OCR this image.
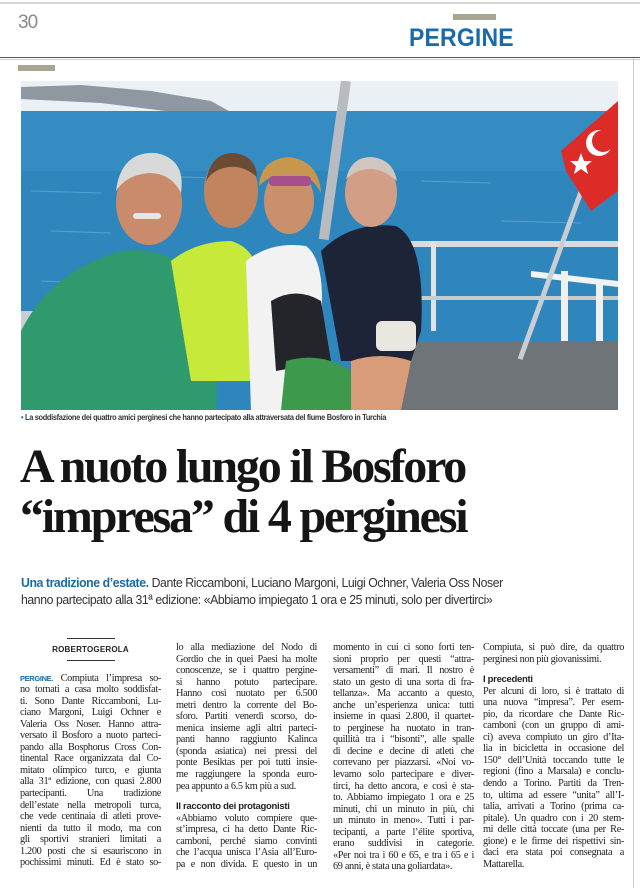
30
PERGINE
• La soddisfazione dei quattro amici perginesi che hanno partecipato alla attraversata del fiume Bosforo in Turchia
A nuoto lungo il Bosforo
“impresa” di 4 perginesi
Una tradizione d’estate. Dante Riccamboni, Luciano Margoni, Luigi Ochner, Valeria Oss Noser
hanno partecipato alla 31ª edizione: «Abbiamo impiegato 1 ora e 25 minuti, solo per divertirci»
ROBERTOGEROLA
PERGINE. Compiuta l’impresa so-
no tornati a casa molto soddisfat-
ti. Sono Dante Riccamboni, Lu-
ciano Margoni, Luigi Ochner e
Valeria Oss Noser. Hanno attra-
versato il Bosforo a nuoto parteci-
pando alla Bosphorus Cross Con-
tinental Race organizzata dal Co-
mitato olimpico turco, e giunta
alla 31ª edizione, con quasi 2.800
partecipanti. Una tradizione
dell’estate nella metropoli turca,
che vede centinaia di atleti prove-
nienti da tutto il modo, ma con
gli sportivi stranieri limitati a
1.200 posti che si esauriscono in
pochissimi minuti. Ed è stato so-
lo alla mediazione del Nodo di
Gordio che in quei Paesi ha molte
conoscenze, se i quattro pergine-
si hanno potuto partecipare.
Hanno così nuotato per 6.500
metri dentro la corrente del Bo-
sforo. Partiti venerdì scorso, do-
menica insieme agli altri parteci-
panti hanno raggiunto Kalinca
(sponda asiatica) nei pressi del
ponte Besiktas per poi tutti insie-
me raggiungere la sponda euro-
pea appunto a 6.5 km più a sud.
Il racconto dei protagonisti
«Abbiamo voluto compiere que-
st’impresa, ci ha detto Dante Ric-
camboni, perché siamo convinti
che l’acqua unisca l’Asia all’Euro-
pa e non divida. E questo in un
momento in cui ci sono forti ten-
sioni proprio per questi “attra-
versamenti” di mari. Il nostro è
stato un gesto di una sorta di fra-
tellanza». Ma accanto a questo,
anche un’esperienza unica: tutti
insieme in quasi 2.800, il quartet-
to perginese ha nuotato in tran-
quillità tra i “bisonti”, alle spalle
di decine e decine di atleti che
correvano per piazzarsi. «Noi vo-
levamo solo partecipare e diver-
tirci, ha detto ancora, e così è sta-
to. Abbiamo impiegato 1 ora e 25
minuti, chi un minuto in più, chi
un minuto in meno». Tutti i par-
tecipanti, a parte l’élite sportiva,
erano suddivisi in categorie.
«Per noi tra i 60 e 65, e tra i 65 e i
69 anni, è stata una goliardata».
Compiuta, si può dire, da quattro
perginesi non più giovanissimi.
I precedenti
Per alcuni di loro, si è trattato di
una nuova “impresa”. Per esem-
pio, da ricordare che Dante Ric-
camboni (con un gruppo di ami-
ci) aveva compiuto un giro d’Ita-
lia in bicicletta in occasione del
150° dell’Unità toccando tutte le
regioni (fino a Marsala) e conclu-
dendo a Torino. Partiti da Tren-
to, ultima ad essere “unita” all’I-
talia, arrivati a Torino (prima ca-
pitale). Un quadro con i 20 stem-
mi delle città toccate (una per Re-
gione) e le firme dei rispettivi sin-
daci era stata poi consegnata a
Mattarella.
